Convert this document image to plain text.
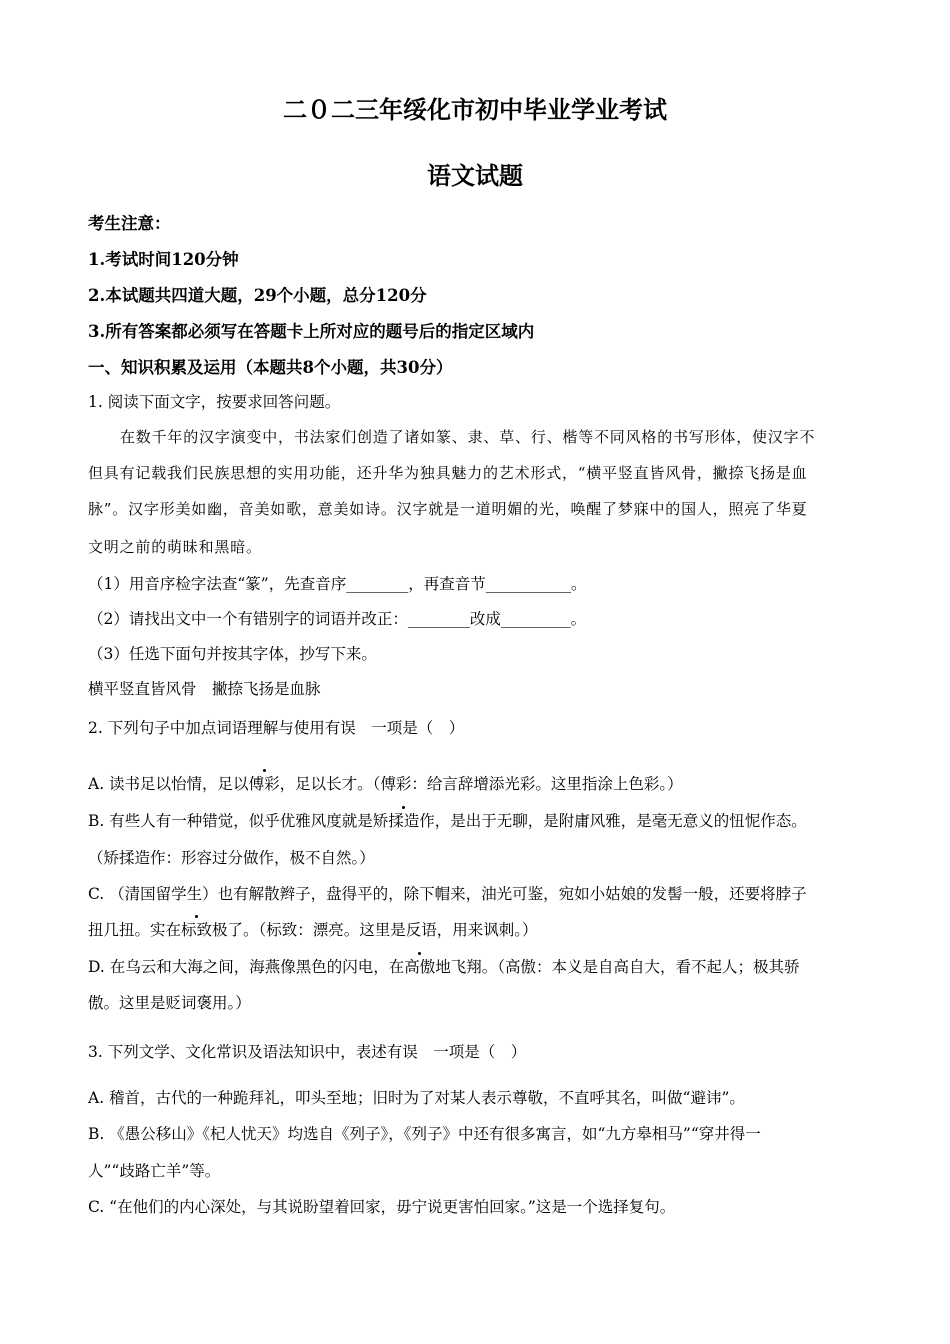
二０二三年绥化市初中毕业学业考试
语文试题
考生注意：
1.考试时间120分钟
2.本试题共四道大题，29个小题，总分120分
3.所有答案都必须写在答题卡上所对应的题号后的指定区域内
一、知识积累及运用（本题共8个小题，共30分）
1. 阅读下面文字，按要求回答问题。
在数千年的汉字演变中，书法家们创造了诸如篆、隶、草、行、楷等不同风格的书写形体，使汉字不
但具有记载我们民族思想的实用功能，还升华为独具魅力的艺术形式，“横平竖直皆风骨，撇捺飞扬是血
脉”。汉字形美如幽，音美如歌，意美如诗。汉字就是一道明媚的光，唤醒了梦寐中的国人，照亮了华夏
文明之前的萌昧和黑暗。
（1）用音序检字法查“篆”，先查音序________，再查音节___________。
（2）请找出文中一个有错别字的词语并改正：________改成_________。
（3）任选下面句并按其字体，抄写下来。
横平竖直皆风骨　撇捺飞扬是血脉
2. 下列句子中加点词语理解与使用有误　一项是（　）
A. 读书足以怡情，足以傅彩，足以长才。（傅彩：给言辞增添光彩。这里指涂上色彩。）
B. 有些人有一种错觉，似乎优雅风度就是矫揉造作，是出于无聊，是附庸风雅，是毫无意义的忸怩作态。
（矫揉造作：形容过分做作，极不自然。）
C. （清国留学生）也有解散辫子，盘得平的，除下帽来，油光可鉴，宛如小姑娘的发髻一般，还要将脖子
扭几扭。实在标致极了。（标致：漂亮。这里是反语，用来讽刺。）
D. 在乌云和大海之间，海燕像黑色的闪电，在高傲地飞翔。（高傲：本义是自高自大，看不起人；极其骄
傲。这里是贬词褒用。）
3. 下列文学、文化常识及语法知识中，表述有误　一项是（　）
A. 稽首，古代的一种跪拜礼，叩头至地；旧时为了对某人表示尊敬，不直呼其名，叫做“避讳”。
B. 《愚公移山》《杞人忧天》均选自《列子》，《列子》中还有很多寓言，如“九方皋相马”“穿井得一
人”“歧路亡羊”等。
C. “在他们的内心深处，与其说盼望着回家，毋宁说更害怕回家。”这是一个选择复句。
